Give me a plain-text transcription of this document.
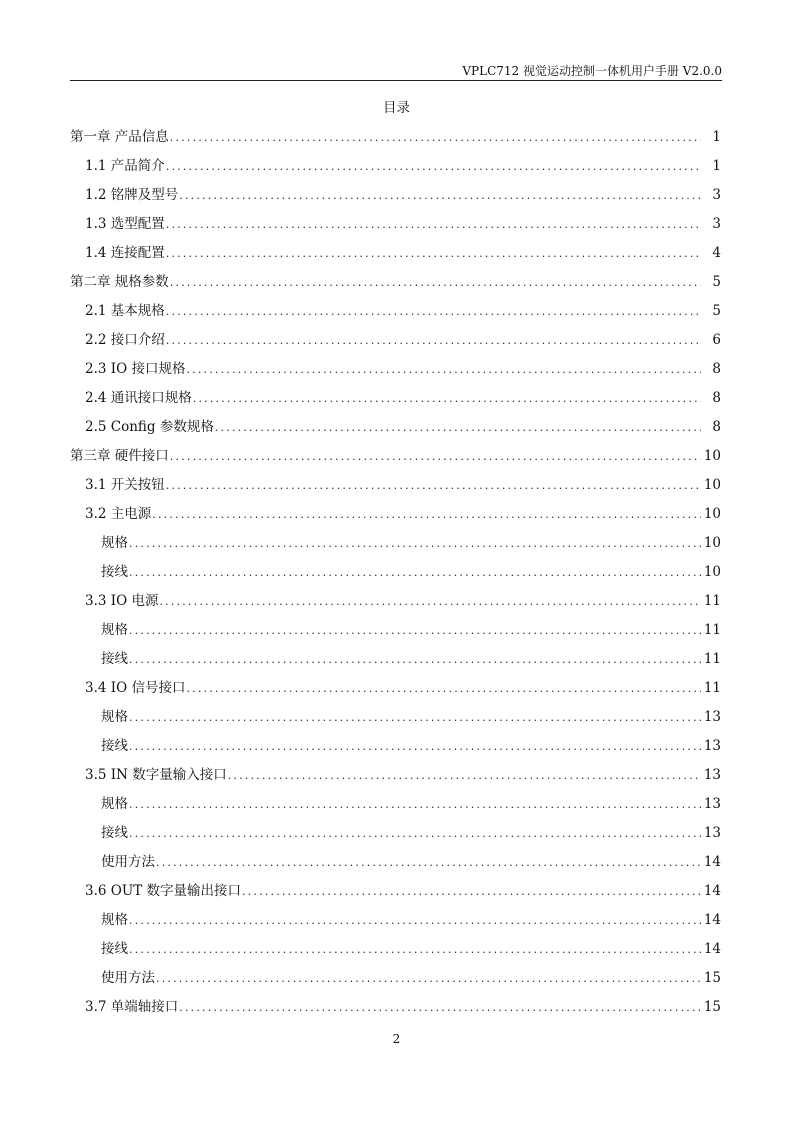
VPLC712 视觉运动控制一体机用户手册 V2.0.0
目录
第一章 产品信息 .....	1
1.1 产品简介 .....	1
1.2 铭牌及型号 .....	3
1.3 选型配置 .....	3
1.4 连接配置 .....	4
第二章 规格参数 .....	5
2.1 基本规格 .....	5
2.2 接口介绍 .....	6
2.3 IO 接口规格 .....	8
2.4 通讯接口规格 .....	8
2.5 Config 参数规格 .....	8
第三章 硬件接口 .....	10
3.1 开关按钮 .....	10
3.2 主电源 .....	10
规格 .....	10
接线 .....	10
3.3 IO 电源 .....	11
规格 .....	11
接线 .....	11
3.4 IO 信号接口 .....	11
规格 .....	13
接线 .....	13
3.5 IN 数字量输入接口 .....	13
规格 .....	13
接线 .....	13
使用方法 .....	14
3.6 OUT 数字量输出接口 .....	14
规格 .....	14
接线 .....	14
使用方法 .....	15
3.7 单端轴接口 .....	15
2
